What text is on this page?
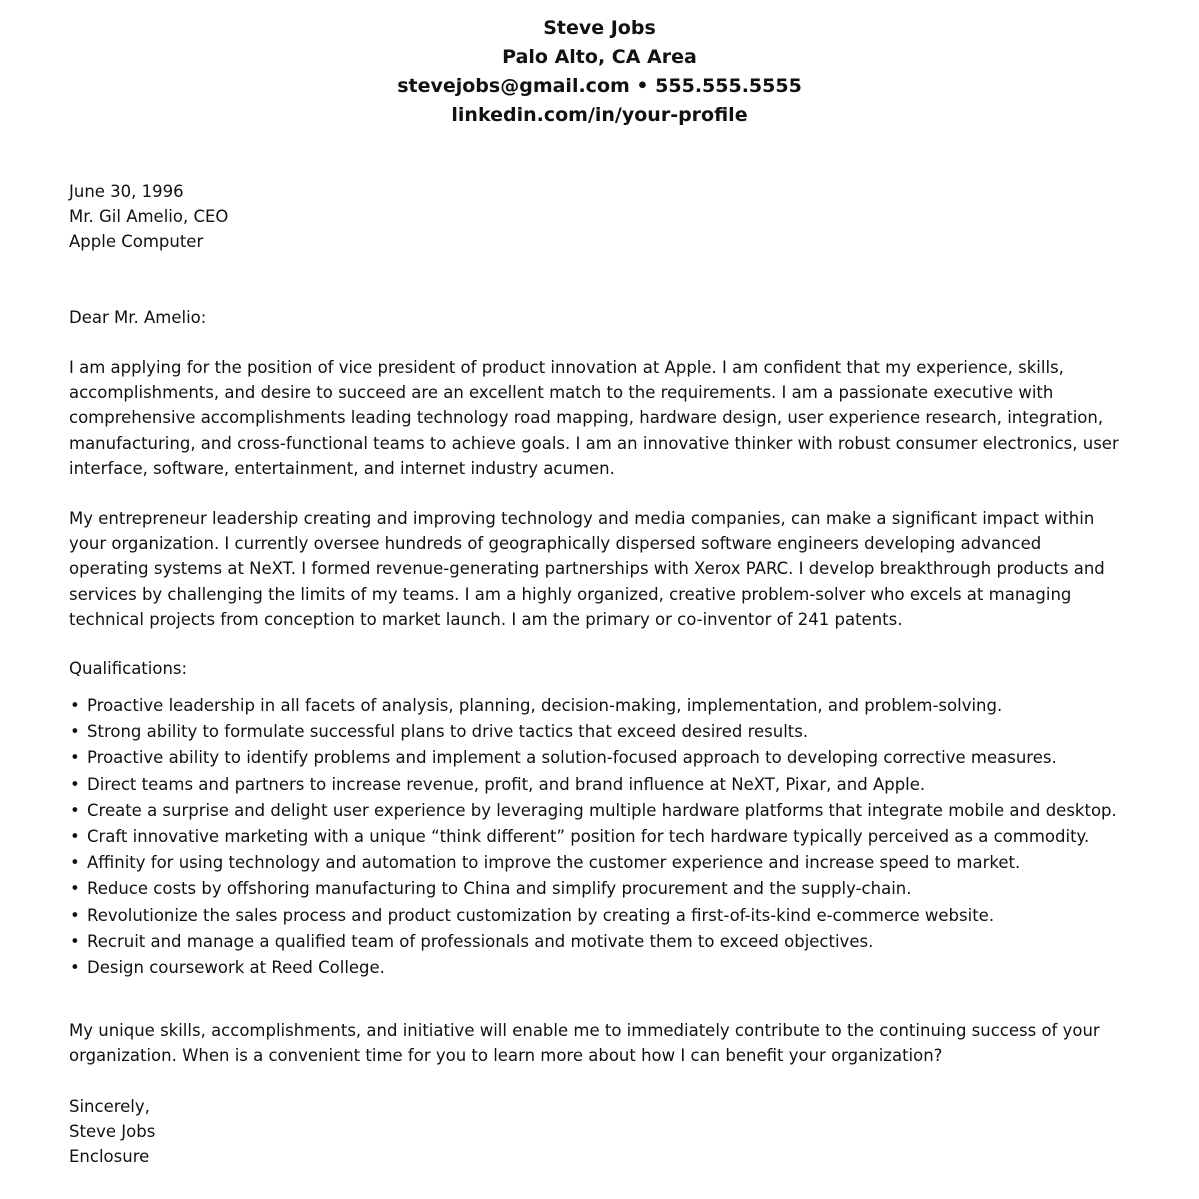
Steve Jobs
Palo Alto, CA Area
stevejobs@gmail.com • 555.555.5555
linkedin.com/in/your-profile
June 30, 1996
Mr. Gil Amelio, CEO
Apple Computer
Dear Mr. Amelio:
I am applying for the position of vice president of product innovation at Apple. I am confident that my experience, skills,
accomplishments, and desire to succeed are an excellent match to the requirements. I am a passionate executive with
comprehensive accomplishments leading technology road mapping, hardware design, user experience research, integration,
manufacturing, and cross-functional teams to achieve goals. I am an innovative thinker with robust consumer electronics, user
interface, software, entertainment, and internet industry acumen.
My entrepreneur leadership creating and improving technology and media companies, can make a significant impact within
your organization. I currently oversee hundreds of geographically dispersed software engineers developing advanced
operating systems at NeXT. I formed revenue-generating partnerships with Xerox PARC. I develop breakthrough products and
services by challenging the limits of my teams. I am a highly organized, creative problem-solver who excels at managing
technical projects from conception to market launch. I am the primary or co-inventor of 241 patents.
Qualifications:
• Proactive leadership in all facets of analysis, planning, decision-making, implementation, and problem-solving.
• Strong ability to formulate successful plans to drive tactics that exceed desired results.
• Proactive ability to identify problems and implement a solution-focused approach to developing corrective measures.
• Direct teams and partners to increase revenue, profit, and brand influence at NeXT, Pixar, and Apple.
• Create a surprise and delight user experience by leveraging multiple hardware platforms that integrate mobile and desktop.
• Craft innovative marketing with a unique “think different” position for tech hardware typically perceived as a commodity.
• Affinity for using technology and automation to improve the customer experience and increase speed to market.
• Reduce costs by offshoring manufacturing to China and simplify procurement and the supply-chain.
• Revolutionize the sales process and product customization by creating a first-of-its-kind e-commerce website.
• Recruit and manage a qualified team of professionals and motivate them to exceed objectives.
• Design coursework at Reed College.
My unique skills, accomplishments, and initiative will enable me to immediately contribute to the continuing success of your
organization. When is a convenient time for you to learn more about how I can benefit your organization?
Sincerely,
Steve Jobs
Enclosure
